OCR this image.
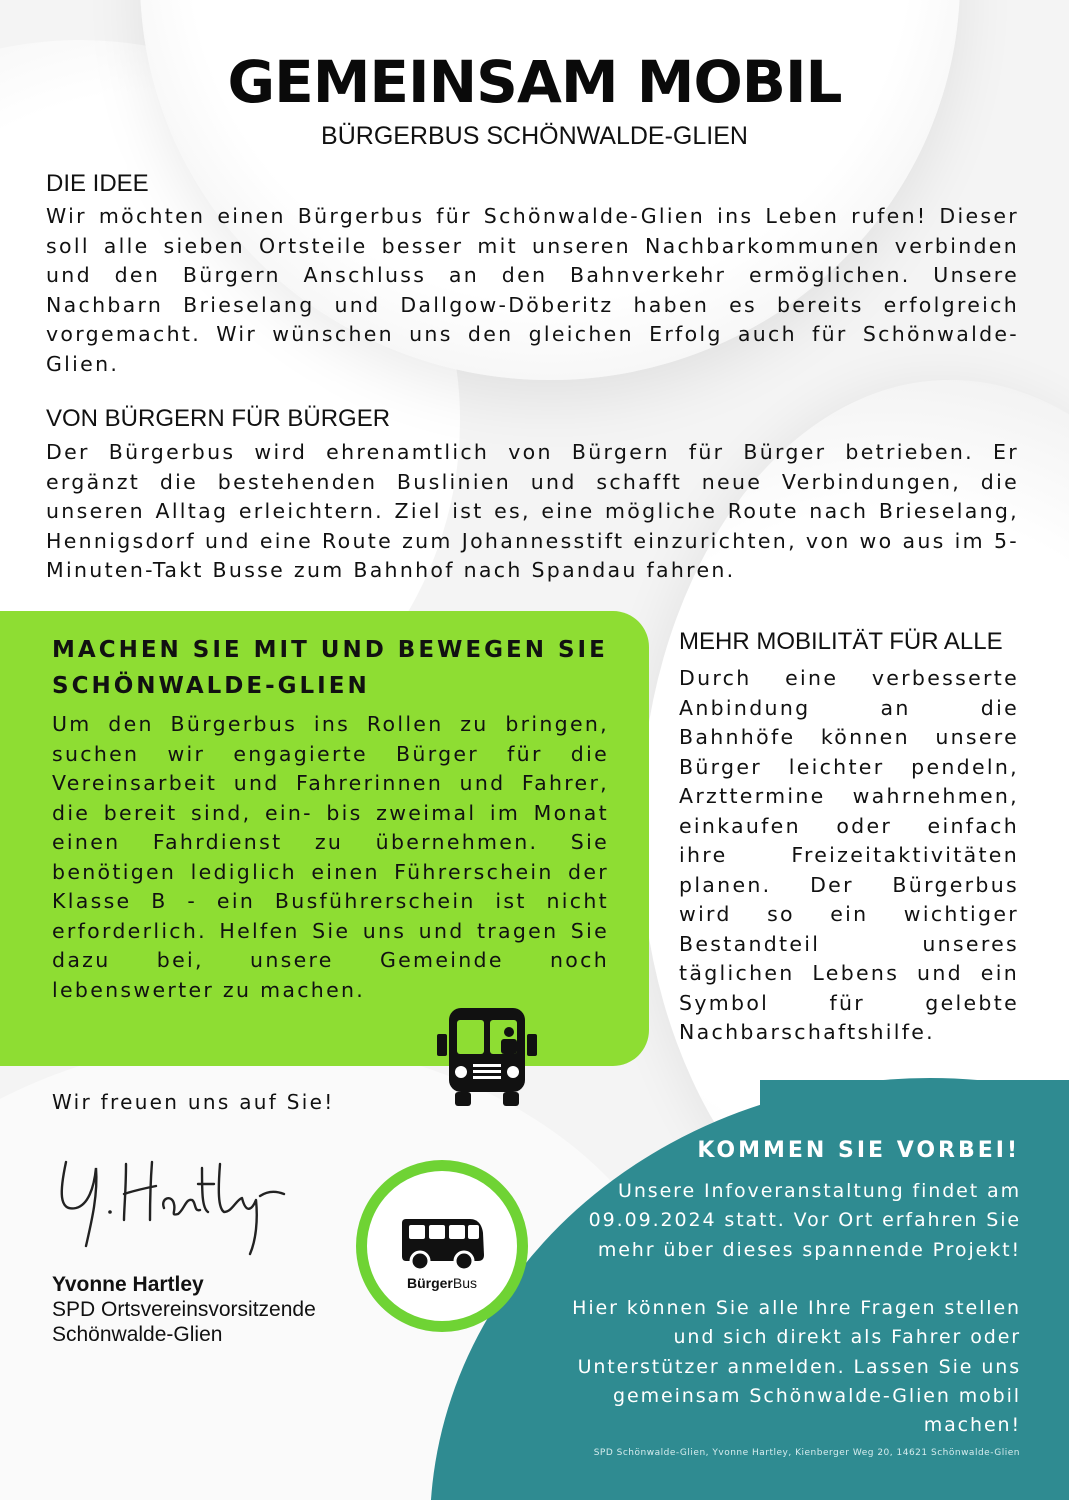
GEMEINSAM MOBIL
BÜRGERBUS SCHÖNWALDE-GLIEN
DIE IDEE
Wir möchten einen Bürgerbus für Schönwalde-Glien ins Leben rufen! Dieser soll alle sieben Ortsteile besser mit unseren Nachbarkommunen verbinden und den Bürgern Anschluss an den Bahnverkehr ermöglichen. Unsere Nachbarn Brieselang und Dallgow-Döberitz haben es bereits erfolgreich vorgemacht. Wir wünschen uns den gleichen Erfolg auch für Schönwalde-Glien.
VON BÜRGERN FÜR BÜRGER
Der Bürgerbus wird ehrenamtlich von Bürgern für Bürger betrieben. Er ergänzt die bestehenden Buslinien und schafft neue Verbindungen, die unseren Alltag erleichtern. Ziel ist es, eine mögliche Route nach Brieselang, Hennigsdorf und eine Route zum Johannesstift einzurichten, von wo aus im 5-Minuten-Takt Busse zum Bahnhof nach Spandau fahren.
MACHEN SIE MIT UND BEWEGEN SIE SCHÖNWALDE-GLIEN
Um den Bürgerbus ins Rollen zu bringen, suchen wir engagierte Bürger für die Vereinsarbeit und Fahrerinnen und Fahrer, die bereit sind, ein- bis zweimal im Monat einen Fahrdienst zu übernehmen. Sie benötigen lediglich einen Führerschein der Klasse B - ein Busführerschein ist nicht erforderlich. Helfen Sie uns und tragen Sie dazu bei, unsere Gemeinde noch lebenswerter zu machen.
MEHR MOBILITÄT FÜR ALLE
Durch eine verbesserte Anbindung an die Bahnhöfe können unsere Bürger leichter pendeln, Arzttermine wahrnehmen, einkaufen oder einfach ihre Freizeitaktivitäten planen. Der Bürgerbus wird so ein wichtiger Bestandteil unseres täglichen Lebens und ein Symbol für gelebte Nachbarschaftshilfe.
Wir freuen uns auf Sie!
Yvonne Hartley
SPD Ortsvereinsvorsitzende
Schönwalde-Glien
BürgerBus
KOMMEN SIE VORBEI!
Unsere Infoveranstaltung findet am 09.09.2024 statt. Vor Ort erfahren Sie mehr über dieses spannende Projekt!
Hier können Sie alle Ihre Fragen stellen und sich direkt als Fahrer oder Unterstützer anmelden. Lassen Sie uns gemeinsam Schönwalde-Glien mobil machen!
SPD Schönwalde-Glien, Yvonne Hartley, Kienberger Weg 20, 14621 Schönwalde-Glien
